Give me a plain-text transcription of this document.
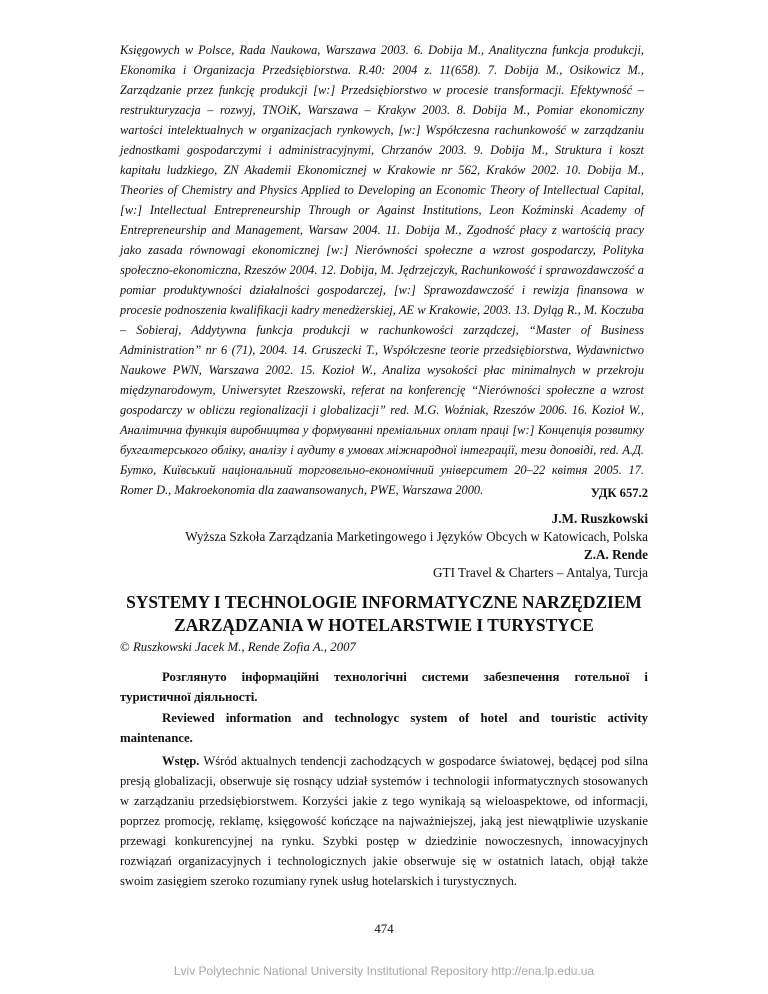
Księgowych w Polsce, Rada Naukowa, Warszawa 2003. 6. Dobija M., Analityczna funkcja produkcji, Ekonomika i Organizacja Przedsiębiorstwa. R.40: 2004 z. 11(658). 7. Dobija M., Osikowicz M., Zarządzanie przez funkcję produkcji [w:] Przedsiębiorstwo w procesie transformacji. Efektywność – restrukturyzacja – rozwyj, TNOiK, Warszawa – Krakyw 2003. 8. Dobija M., Pomiar ekonomiczny wartości intelektualnych w organizacjach rynkowych, [w:] Współczesna rachunkowość w zarządzaniu jednostkami gospodarczymi i administracyjnymi, Chrzanów 2003. 9. Dobija M., Struktura i koszt kapitału ludzkiego, ZN Akademii Ekonomicznej w Krakowie nr 562, Kraków 2002. 10. Dobija M., Theories of Chemistry and Physics Applied to Developing an Economic Theory of Intellectual Capital, [w:] Intellectual Entrepreneurship Through or Against Institutions, Leon Koźminski Academy of Entrepreneurship and Management, Warsaw 2004. 11. Dobija M., Zgodność płacy z wartością pracy jako zasada równowagi ekonomicznej [w:] Nierówności społeczne a wzrost gospodarczy, Polityka społeczno-ekonomiczna, Rzeszów 2004. 12. Dobija, M. Jędrzejczyk, Rachunkowość i sprawozdawczość a pomiar produktywności działalności gospodarczej, [w:] Sprawozdawczość i rewizja finansowa w procesie podnoszenia kwalifikacji kadry menedżerskiej, AE w Krakowie, 2003. 13. Dyląg R., M. Koczuba – Sobieraj, Addytywna funkcja produkcji w rachunkowości zarządczej, “Master of Business Administration” nr 6 (71), 2004. 14. Gruszecki T., Współczesne teorie przedsiębiorstwa, Wydawnictwo Naukowe PWN, Warszawa 2002. 15. Kozioł W., Analiza wysokości płac minimalnych w przekroju międzynarodowym, Uniwersytet Rzeszowski, referat na konferencję “Nierówności społeczne a wzrost gospodarczy w obliczu regionalizacji i globalizacji” red. M.G. Woźniak, Rzeszów 2006. 16. Kozioł W., Аналітична функція виробництва у формуванні преміальних оплат праці [w:] Концепція розвитку бухгалтерського обліку, аналізу і аудиту в умовах міжнародної інтеграції, тези доповіді, red. А.Д. Бутко, Київський національний торговельно-економічний університет 20–22 квітня 2005. 17. Romer D., Makroekonomia dla zaawansowanych, PWE, Warszawa 2000.	УДК 657.2
J.M. Ruszkowski
Wyższa Szkoła Zarządzania Marketingowego i Języków Obcych w Katowicach, Polska
Z.A. Rende
GTI Travel & Charters – Antalya, Turcja
SYSTEMY I TECHNOLOGIE INFORMATYCZNE NARZĘDZIEM
ZARZĄDZANIA W HOTELARSTWIE I TURYSTYCE
© Ruszkowski Jacek M., Rende Zofia A., 2007
Розглянуто інформаційні технологічні системи забезпечення готельної і туристичної діяльності.
Reviewed information and technologyc system of hotel and touristic activity maintenance.
Wstęp. Wśród aktualnych tendencji zachodzących w gospodarce światowej, będącej pod silna presją globalizacji, obserwuje się rosnący udział systemów i technologii informatycznych stosowanych w zarządzaniu przedsiębiorstwem. Korzyści jakie z tego wynikają są wieloaspektowe, od informacji, poprzez promocję, reklamę, księgowość kończące na najważniejszej, jaką jest niewątpliwie uzyskanie przewagi konkurencyjnej na rynku. Szybki postęp w dziedzinie nowoczesnych, innowacyjnych rozwiązań organizacyjnych i technologicznych jakie obserwuje się w ostatnich latach, objął także swoim zasięgiem szeroko rozumiany rynek usług hotelarskich i turystycznych.
474
Lviv Polytechnic National University Institutional Repository http://ena.lp.edu.ua
